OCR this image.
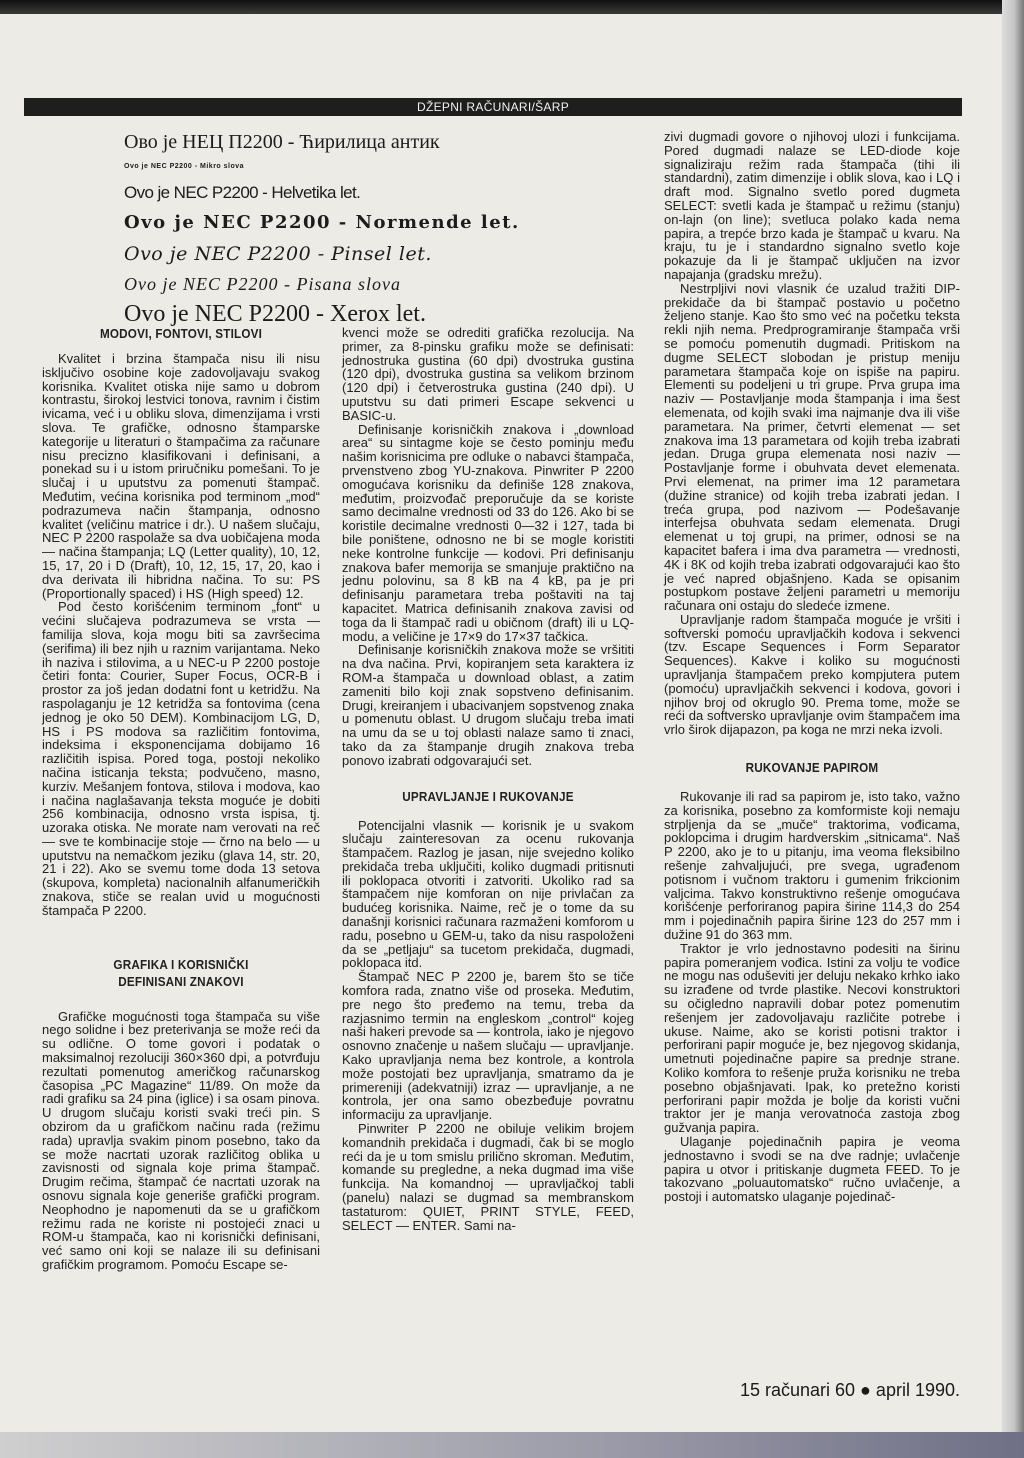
DŽEPNI RAČUNARI/ŠARP

Ово је НЕЦ П2200 - Ћирилица антик

Ovo je NEC P2200 - Mikro slova

Ovo je NEC P2200 - Helvetika let.

Ovo je NEC P2200 - Normende let.

Ovo je NEC P2200 - Pinsel let.

Ovo je NEC P2200 - Pisana slova

Ovo je NEC P2200 - Xerox let.

MODOVI, FONTOVI, STILOVI

Kvalitet i brzina štampača nisu ili nisu isključivo osobine koje zadovoljavaju svakog korisnika. Kvalitet otiska nije samo u dobrom kontrastu, širokoj lestvici tonova, ravnim i čistim ivicama, već i u obliku slova, dimenzijama i vrsti slova. Te grafičke, odnosno štamparske kategorije u literaturi o štampačima za računare nisu precizno klasifikovani i definisani, a ponekad su i u istom priručniku pomešani. To je slučaj i u uputstvu za pomenuti štampač. Međutim, većina korisnika pod terminom „mod“ podrazumeva način štampanja, odnosno kvalitet (veličinu matrice i dr.). U našem slučaju, NEC P 2200 raspolaže sa dva uobičajena moda — načina štampanja; LQ (Letter quality), 10, 12, 15, 17, 20 i D (Draft), 10, 12, 15, 17, 20, kao i dva derivata ili hibridna načina. To su: PS (Proportionally spaced) i HS (High speed) 12.

Pod često korišćenim terminom „font“ u većini slučajeva podrazumeva se vrsta — familija slova, koja mogu biti sa završecima (serifima) ili bez njih u raznim varijantama. Neko ih naziva i stilovima, a u NEC-u P 2200 postoje četiri fonta: Courier, Super Focus, OCR-B i prostor za još jedan dodatni font u ketridžu. Na raspolaganju je 12 ketridža sa fontovima (cena jednog je oko 50 DEM). Kombinacijom LG, D, HS i PS modova sa različitim fontovima, indeksima i eksponencijama dobijamo 16 različitih ispisa. Pored toga, postoji nekoliko načina isticanja teksta; podvučeno, masno, kurziv. Mešanjem fontova, stilova i modova, kao i načina naglašavanja teksta moguće je dobiti 256 kombinacija, odnosno vrsta ispisa, tj. uzoraka otiska. Ne morate nam verovati na reč — sve te kombinacije stoje — črno na belo — u uputstvu na nemačkom jeziku (glava 14, str. 20, 21 i 22). Ako se svemu tome doda 13 setova (skupova, kompleta) nacionalnih alfanumeričkih znakova, stiče se realan uvid u mogućnosti štampača P 2200.

GRAFIKA I KORISNIČKI DEFINISANI ZNAKOVI

Grafičke mogućnosti toga štampača su više nego solidne i bez preterivanja se može reći da su odlične. O tome govori i podatak o maksimalnoj rezoluciji 360×360 dpi, a potvrđuju rezultati pomenutog američkog računarskog časopisa „PC Magazine“ 11/89. On može da radi grafiku sa 24 pina (iglice) i sa osam pinova. U drugom slučaju koristi svaki treći pin. S obzirom da u grafičkom načinu rada (režimu rada) upravlja svakim pinom posebno, tako da se može nacrtati uzorak različitog oblika u zavisnosti od signala koje prima štampač. Drugim rečima, štampač će nacrtati uzorak na osnovu signala koje generiše grafički program. Neophodno je napomenuti da se u grafičkom režimu rada ne koriste ni postojeći znaci u ROM-u štampača, kao ni korisnički definisani, već samo oni koji se nalaze ili su definisani grafičkim programom. Pomoću Escape se-

kvenci može se odrediti grafička rezolucija. Na primer, za 8-pinsku grafiku može se definisati: jednostruka gustina (60 dpi) dvostruka gustina (120 dpi), dvostruka gustina sa velikom brzinom (120 dpi) i četverostruka gustina (240 dpi). U uputstvu su dati primeri Escape sekvenci u BASIC-u.

Definisanje korisničkih znakova i „download area“ su sintagme koje se često pominju među našim korisnicima pre odluke o nabavci štampača, prvenstveno zbog YU-znakova. Pinwriter P 2200 omogućava korisniku da definiše 128 znakova, međutim, proizvođač preporučuje da se koriste samo decimalne vrednosti od 33 do 126. Ako bi se koristile decimalne vrednosti 0—32 i 127, tada bi bile poništene, odnosno ne bi se mogle koristiti neke kontrolne funkcije — kodovi. Pri definisanju znakova bafer memorija se smanjuje praktično na jednu polovinu, sa 8 kB na 4 kB, pa je pri definisanju parametara trebа poštaviti na taj kapacitet. Matrica definisanih znakova zavisi od toga da li štampač radi u običnom (draft) ili u LQ-modu, a veličine je 17×9 do 17×37 tačkica.

Definisanje korisničkih znakova može se vršititi na dva načina. Prvi, kopiranjem seta karaktera iz ROM-a štampača u download oblast, a zatim zameniti bilo koji znak sopstveno definisanim. Drugi, kreiranjem i ubacivanjem sopstvenog znaka u pomenutu oblast. U drugom slučaju treba imati na umu da se u toj oblasti nalaze samo ti znaci, tako da za štampanje drugih znakova treba ponovo izabrati odgovarajući set.

UPRAVLJANJE I RUKOVANJE

Potencijalni vlasnik — korisnik je u svakom slučaju zainteresovan za ocenu rukovanja štampačem. Razlog je jasan, nije svejedno koliko prekidača treba uključiti, koliko dugmadi pritisnuti ili poklopaca otvoriti i zatvoriti. Ukoliko rad sa štampačem nije komforan on nije privlačan za budućeg korisnika. Naime, reč je o tome da su današnji korisnici računara razmaženi komforom u radu, posebno u GEM-u, tako da nisu raspoloženi da se „petljaju“ sa tucetom prekidača, dugmadi, poklopaca itd.

Štampač NEC P 2200 je, barem što se tiče komfora rada, znatno više od proseka. Međutim, pre nego što pređemo na temu, treba da razjasnimo termin na engleskom „control“ kojeg naši hakeri prevode sa — kontrola, iako je njegovo osnovno značenje u našem slučaju — upravljanje. Kako upravljanja nema bez kontrole, a kontrola može postojati bez upravljanja, smatramo da je primereniji (adekvatniji) izraz — upravljanje, a ne kontrola, jer ona samo obezbeđuje povratnu informaciju za upravljanje.

Pinwriter P 2200 ne obiluje velikim brojem komandnih prekidača i dugmadi, čak bi se moglo reći da je u tom smislu prilično skroman. Međutim, komande su pregledne, a neka dugmad ima više funkcija. Na komandnoj — upravljačkoj tabli (panelu) nalazi se dugmad sa membranskom tastaturom: QUIET, PRINT STYLE, FEED, SELECT — ENTER. Sami na-

zivi dugmadi govore o njihovoj ulozi i funkcijama. Pored dugmadi nalaze se LED-diode koje signaliziraju režim rada štampača (tihi ili standardni), zatim dimenzije i oblik slova, kao i LQ i draft mod. Signalno svetlo pored dugmeta SELECT: svetli kada je štampač u režimu (stanju) on-lajn (on line); svetluca polako kada nema papira, a trepće brzo kada je štampač u kvaru. Na kraju, tu je i standardno signalno svetlo koje pokazuje da li je štampač uključen na izvor napajanja (gradsku mrežu).

Nestrpljivi novi vlasnik će uzalud tražiti DIP-prekidače da bi štampač postavio u početno željeno stanje. Kao što smo već na početku teksta rekli njih nema. Predprogramiranje štampača vrši se pomoću pomenutih dugmadi. Pritiskom na dugme SELECT slobodan je pristup meniju parametara štampača koje on ispiše na papiru. Elementi su podeljeni u tri grupe. Prva grupa ima naziv — Postavljanje moda štampanja i ima šest elemenata, od kojih svaki ima najmanje dva ili više parametara. Na primer, četvrti elemenat — set znakova ima 13 parametara od kojih treba izabrati jedan. Druga grupa elemenata nosi naziv — Postavljanje forme i obuhvata devet elemenata. Prvi elemenat, na primer ima 12 parametara (dužine stranice) od kojih treba izabrati jedan. I treća grupa, pod nazivom — Podešavanje interfejsa obuhvata sedam elemenata. Drugi elemenat u toj grupi, na primer, odnosi se na kapacitet bafera i ima dva parametra — vrednosti, 4K i 8K od kojih treba izabrati odgovarajući kao što je već napred objašnjeno. Kada se opisanim postupkom postave željeni parametri u memoriju računara oni ostaju do sledeće izmene.

Upravljanje radom štampača moguće je vršiti i softverski pomoću upravljačkih kodova i sekvenci (tzv. Escape Sequences i Form Separator Sequences). Kakve i koliko su mogućnosti upravljanja štampačem preko kompjutera putem (pomoću) upravljačkih sekvenci i kodova, govori i njihov broj od okruglo 90. Prema tome, može se reći da softversko upravljanje ovim štampačem ima vrlo širok dijapazon, pa koga ne mrzi neka izvoli.

RUKOVANJE PAPIROM

Rukovanje ili rad sa papirom je, isto tako, važno za korisnika, posebno za komformiste koji nemaju strpljenja da se „muče“ traktorima, vođicama, poklopcima i drugim hardverskim „sitnicama“. Naš P 2200, ako je to u pitanju, ima veoma fleksibilno rešenje zahvaljujući, pre svega, ugrađenom potisnom i vučnom traktoru i gumenim frikcionim valjcima. Takvo konstruktivno rešenje omogućava korišćenje perforiranog papira širine 114,3 do 254 mm i pojedinačnih papira širine 123 do 257 mm i dužine 91 do 363 mm.

Traktor je vrlo jednostavno podesiti na širinu papira pomeranjem vođica. Istini za volju te vođice ne mogu nas oduševiti jer deluju nekako krhko iako su izrađene od tvrde plastike. Necovi konstruktori su očigledno napravili dobar potez pomenutim rešenjem jer zadovoljavaju različite potrebe i ukuse. Naime, ako se koristi potisni traktor i perforirani papir moguće je, bez njegovog skidanja, umetnuti pojedinačne papire sa prednje strane. Koliko komfora to rešenje pruža korisniku ne treba posebno objašnjavati. Ipak, ko pretežno koristi perforirani papir možda je bolje da koristi vučni traktor jer je manja verovatnoća zastoja zbog gužvanja papira.

Ulaganje pojedinačnih papira je veoma jednostavno i svodi se na dve radnje; uvlačenje papira u otvor i pritiskanje dugmeta FEED. To je takozvano „poluautomatsko“ ručno uvlačenje, a postoji i automatsko ulaganje pojedinač-

15 računari 60 ● april 1990.
